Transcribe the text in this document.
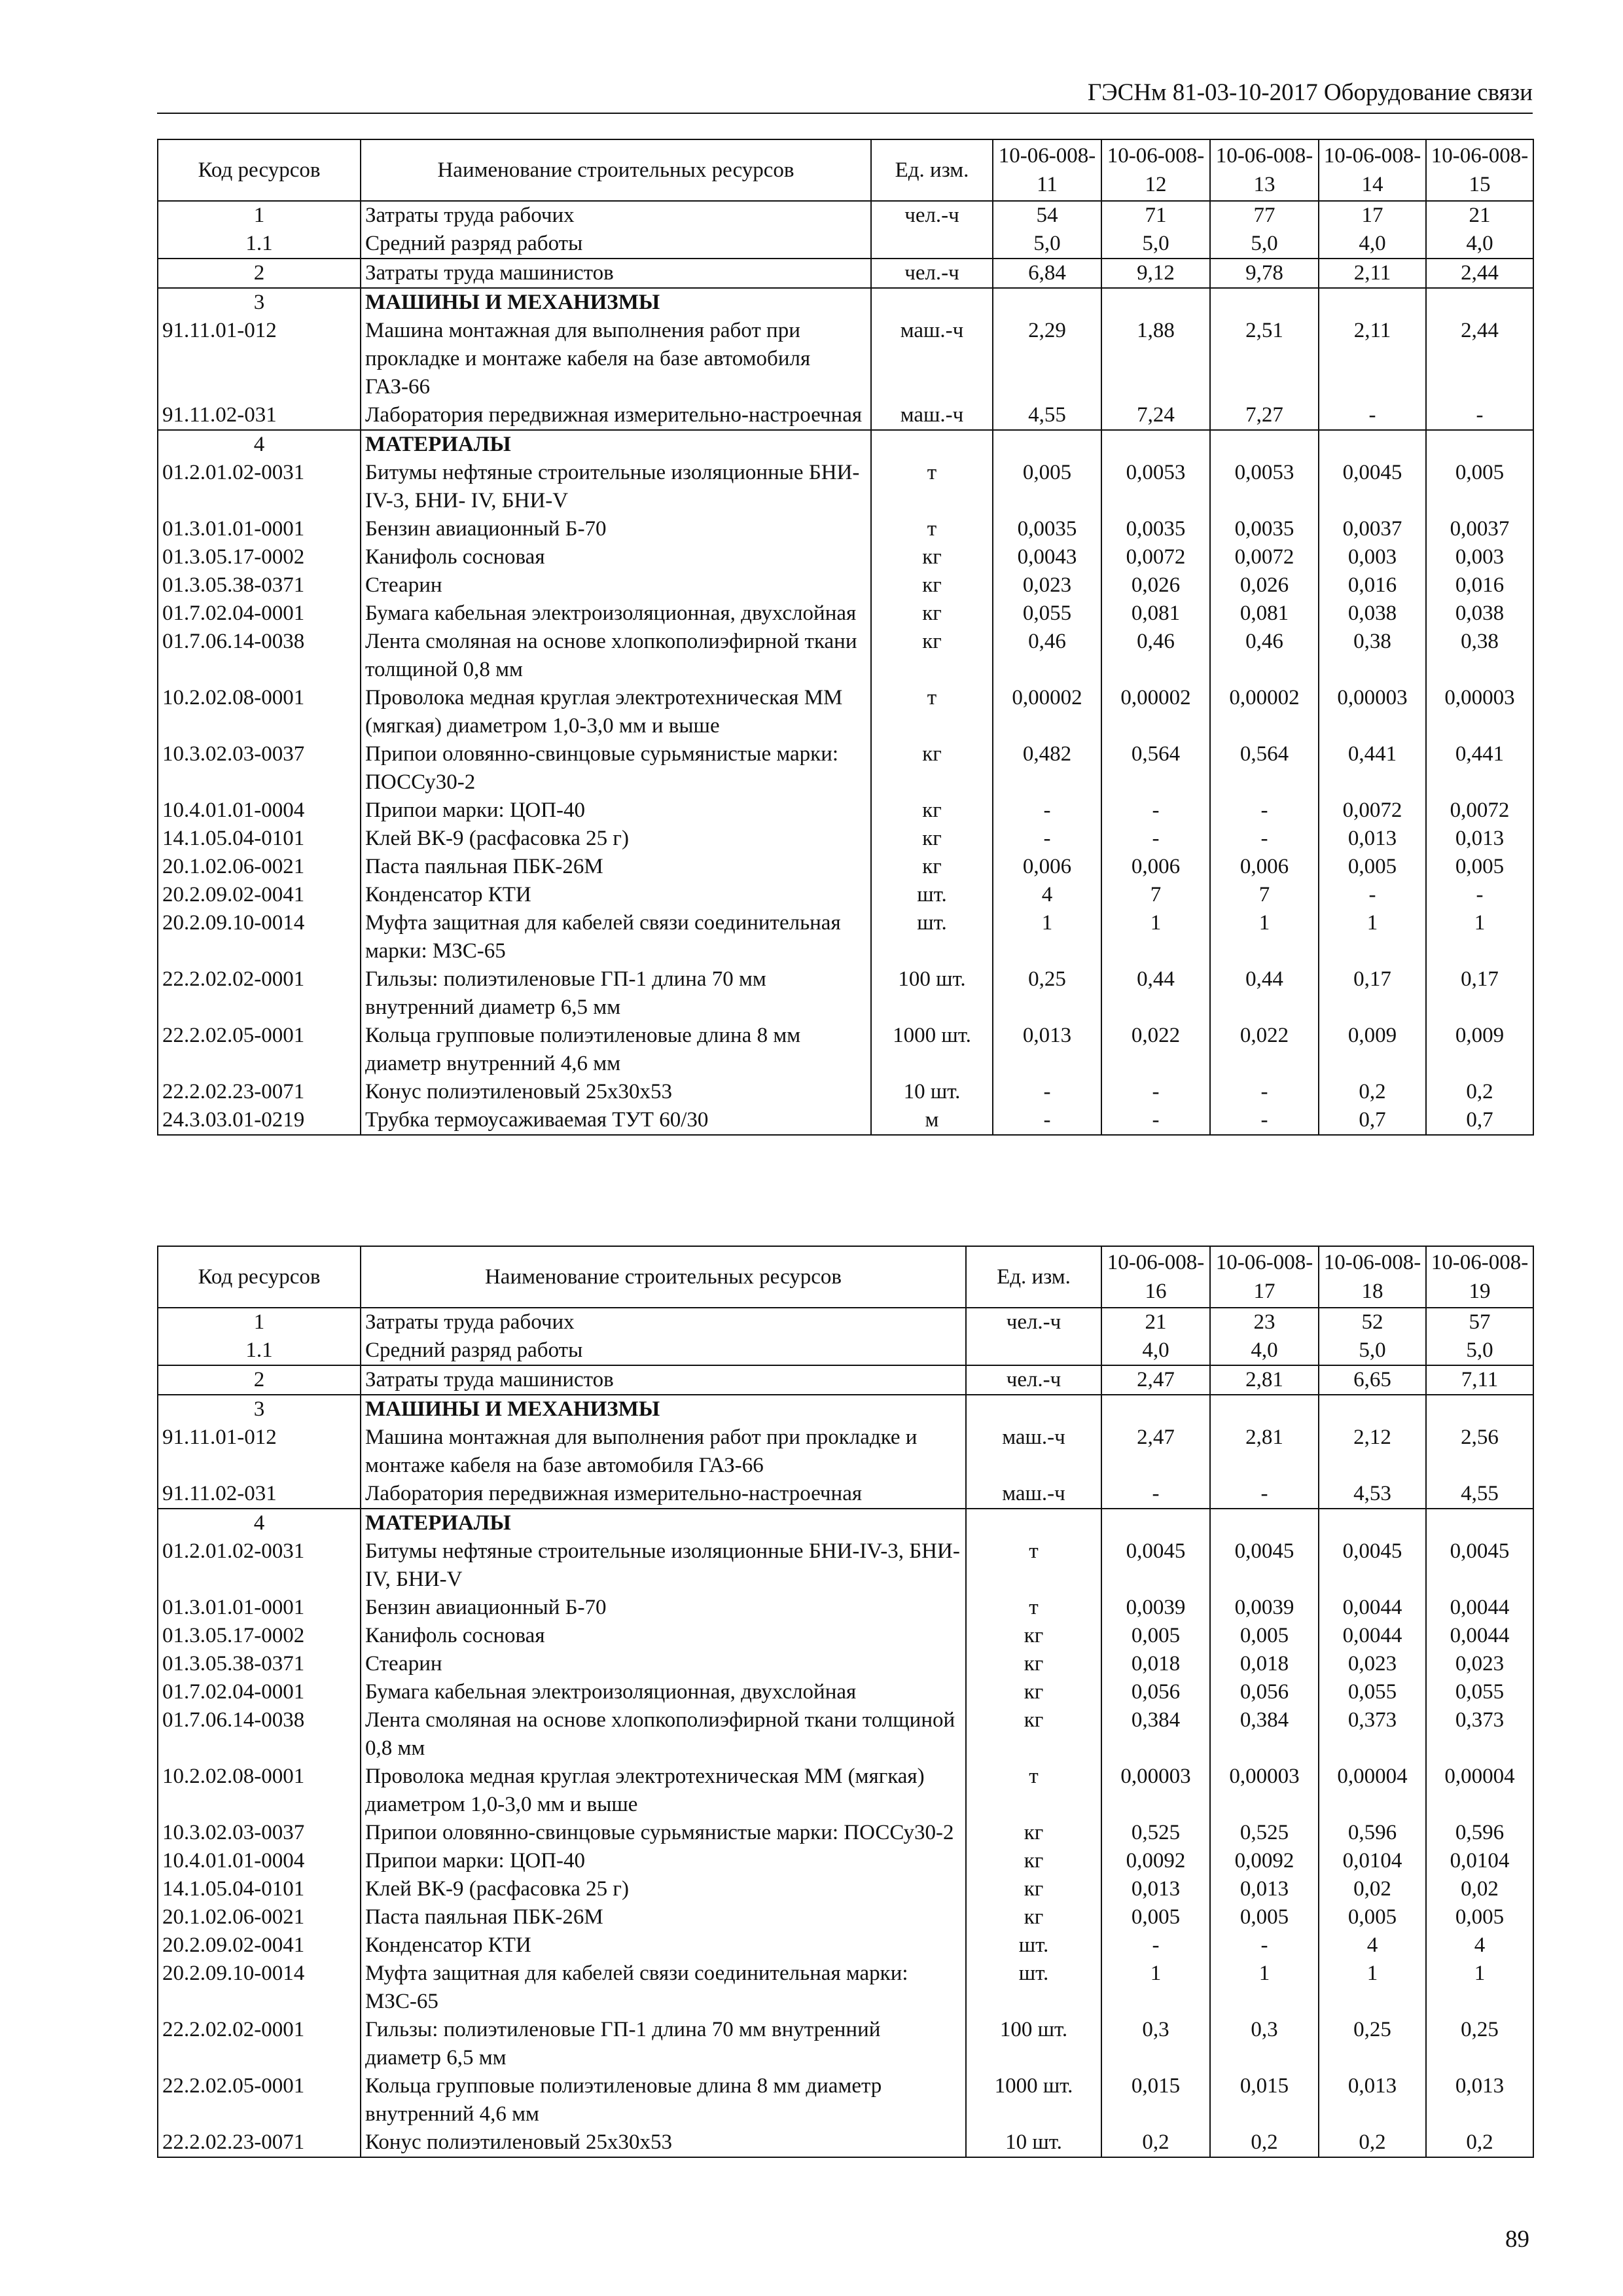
ГЭСНм 81-03-10-2017 Оборудование связи
Код ресурсов	Наименование строительных ресурсов	Ед. изм.	10-06-008-11	10-06-008-12	10-06-008-13	10-06-008-14	10-06-008-15
1	Затраты труда рабочих	чел.-ч	54	71	77	17	21
1.1	Средний разряд работы		5,0	5,0	5,0	4,0	4,0
2	Затраты труда машинистов	чел.-ч	6,84	9,12	9,78	2,11	2,44
3	МАШИНЫ И МЕХАНИЗМЫ						
91.11.01-012	Машина монтажная для выполнения работ при прокладке и монтаже кабеля на базе автомобиля ГАЗ-66	маш.-ч	2,29	1,88	2,51	2,11	2,44
91.11.02-031	Лаборатория передвижная измерительно-настроечная	маш.-ч	4,55	7,24	7,27	-	-
4	МАТЕРИАЛЫ						
01.2.01.02-0031	Битумы нефтяные строительные изоляционные БНИ-IV-3, БНИ- IV, БНИ-V	т	0,005	0,0053	0,0053	0,0045	0,005
01.3.01.01-0001	Бензин авиационный Б-70	т	0,0035	0,0035	0,0035	0,0037	0,0037
01.3.05.17-0002	Канифоль сосновая	кг	0,0043	0,0072	0,0072	0,003	0,003
01.3.05.38-0371	Стеарин	кг	0,023	0,026	0,026	0,016	0,016
01.7.02.04-0001	Бумага кабельная электроизоляционная, двухслойная	кг	0,055	0,081	0,081	0,038	0,038
01.7.06.14-0038	Лента смоляная на основе хлопкополиэфирной ткани толщиной 0,8 мм	кг	0,46	0,46	0,46	0,38	0,38
10.2.02.08-0001	Проволока медная круглая электротехническая ММ (мягкая) диаметром 1,0-3,0 мм и выше	т	0,00002	0,00002	0,00002	0,00003	0,00003
10.3.02.03-0037	Припои оловянно-свинцовые сурьмянистые марки: ПОССу30-2	кг	0,482	0,564	0,564	0,441	0,441
10.4.01.01-0004	Припои марки: ЦОП-40	кг	-	-	-	0,0072	0,0072
14.1.05.04-0101	Клей ВК-9 (расфасовка 25 г)	кг	-	-	-	0,013	0,013
20.1.02.06-0021	Паста паяльная ПБК-26М	кг	0,006	0,006	0,006	0,005	0,005
20.2.09.02-0041	Конденсатор КТИ	шт.	4	7	7	-	-
20.2.09.10-0014	Муфта защитная для кабелей связи соединительная марки: МЗС-65	шт.	1	1	1	1	1
22.2.02.02-0001	Гильзы: полиэтиленовые ГП-1 длина 70 мм внутренний диаметр 6,5 мм	100 шт.	0,25	0,44	0,44	0,17	0,17
22.2.02.05-0001	Кольца групповые полиэтиленовые длина 8 мм диаметр внутренний 4,6 мм	1000 шт.	0,013	0,022	0,022	0,009	0,009
22.2.02.23-0071	Конус полиэтиленовый 25х30х53	10 шт.	-	-	-	0,2	0,2
24.3.03.01-0219	Трубка термоусаживаемая ТУТ 60/30	м	-	-	-	0,7	0,7
Код ресурсов	Наименование строительных ресурсов	Ед. изм.	10-06-008-16	10-06-008-17	10-06-008-18	10-06-008-19
1	Затраты труда рабочих	чел.-ч	21	23	52	57
1.1	Средний разряд работы		4,0	4,0	5,0	5,0
2	Затраты труда машинистов	чел.-ч	2,47	2,81	6,65	7,11
3	МАШИНЫ И МЕХАНИЗМЫ					
91.11.01-012	Машина монтажная для выполнения работ при прокладке и монтаже кабеля на базе автомобиля ГАЗ-66	маш.-ч	2,47	2,81	2,12	2,56
91.11.02-031	Лаборатория передвижная измерительно-настроечная	маш.-ч	-	-	4,53	4,55
4	МАТЕРИАЛЫ					
01.2.01.02-0031	Битумы нефтяные строительные изоляционные БНИ-IV-3, БНИ- IV, БНИ-V	т	0,0045	0,0045	0,0045	0,0045
01.3.01.01-0001	Бензин авиационный Б-70	т	0,0039	0,0039	0,0044	0,0044
01.3.05.17-0002	Канифоль сосновая	кг	0,005	0,005	0,0044	0,0044
01.3.05.38-0371	Стеарин	кг	0,018	0,018	0,023	0,023
01.7.02.04-0001	Бумага кабельная электроизоляционная, двухслойная	кг	0,056	0,056	0,055	0,055
01.7.06.14-0038	Лента смоляная на основе хлопкополиэфирной ткани толщиной 0,8 мм	кг	0,384	0,384	0,373	0,373
10.2.02.08-0001	Проволока медная круглая электротехническая ММ (мягкая) диаметром 1,0-3,0 мм и выше	т	0,00003	0,00003	0,00004	0,00004
10.3.02.03-0037	Припои оловянно-свинцовые сурьмянистые марки: ПОССу30-2	кг	0,525	0,525	0,596	0,596
10.4.01.01-0004	Припои марки: ЦОП-40	кг	0,0092	0,0092	0,0104	0,0104
14.1.05.04-0101	Клей ВК-9 (расфасовка 25 г)	кг	0,013	0,013	0,02	0,02
20.1.02.06-0021	Паста паяльная ПБК-26М	кг	0,005	0,005	0,005	0,005
20.2.09.02-0041	Конденсатор КТИ	шт.	-	-	4	4
20.2.09.10-0014	Муфта защитная для кабелей связи соединительная марки: МЗС-65	шт.	1	1	1	1
22.2.02.02-0001	Гильзы: полиэтиленовые ГП-1 длина 70 мм внутренний диаметр 6,5 мм	100 шт.	0,3	0,3	0,25	0,25
22.2.02.05-0001	Кольца групповые полиэтиленовые длина 8 мм диаметр внутренний 4,6 мм	1000 шт.	0,015	0,015	0,013	0,013
22.2.02.23-0071	Конус полиэтиленовый 25х30х53	10 шт.	0,2	0,2	0,2	0,2
89
